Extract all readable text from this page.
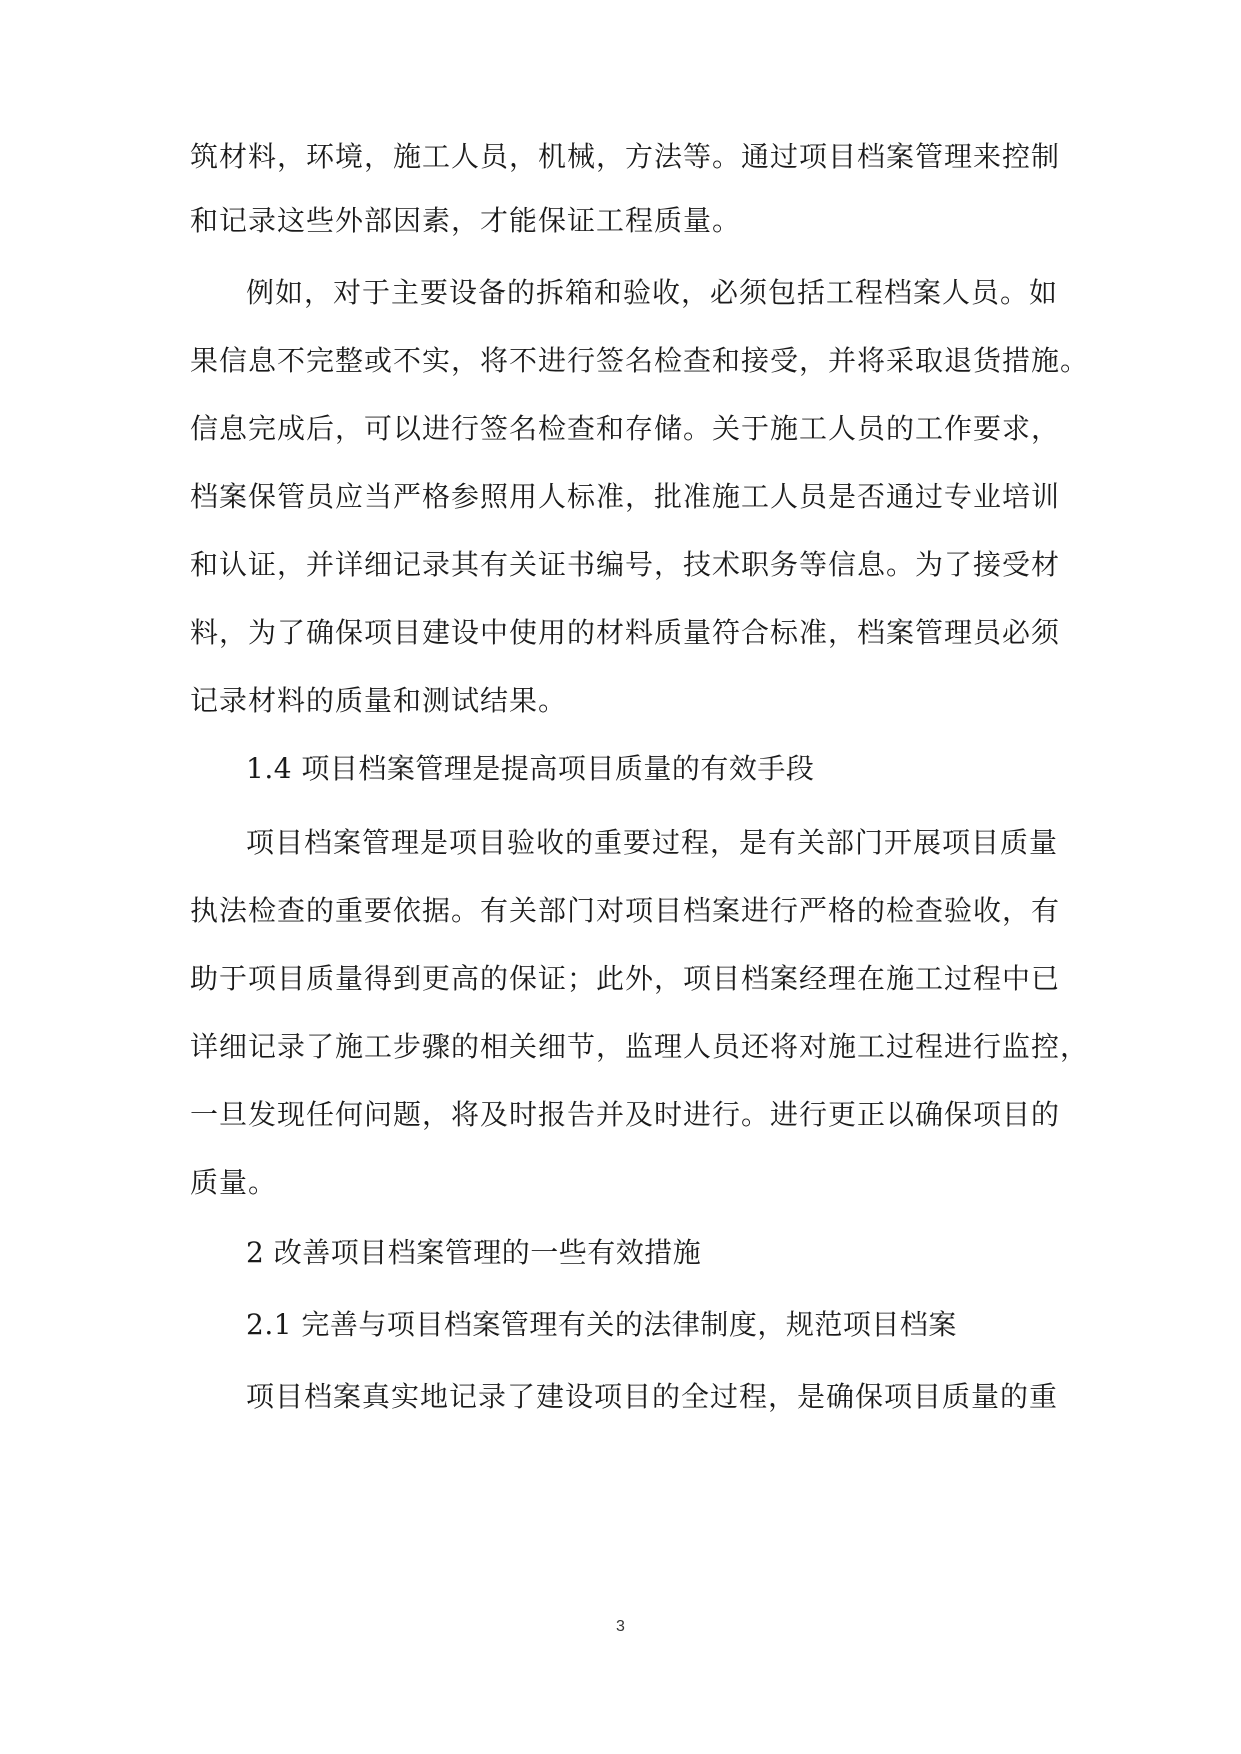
筑材料，环境，施工人员，机械，方法等。通过项目档案管理来控制
和记录这些外部因素，才能保证工程质量。
例如，对于主要设备的拆箱和验收，必须包括工程档案人员。如
果信息不完整或不实，将不进行签名检查和接受，并将采取退货措施。
信息完成后，可以进行签名检查和存储。关于施工人员的工作要求，
档案保管员应当严格参照用人标准，批准施工人员是否通过专业培训
和认证，并详细记录其有关证书编号，技术职务等信息。为了接受材
料，为了确保项目建设中使用的材料质量符合标准，档案管理员必须
记录材料的质量和测试结果。
1.4 项目档案管理是提高项目质量的有效手段
项目档案管理是项目验收的重要过程，是有关部门开展项目质量
执法检查的重要依据。有关部门对项目档案进行严格的检查验收，有
助于项目质量得到更高的保证；此外，项目档案经理在施工过程中已
详细记录了施工步骤的相关细节，监理人员还将对施工过程进行监控，
一旦发现任何问题，将及时报告并及时进行。进行更正以确保项目的
质量。
2 改善项目档案管理的一些有效措施
2.1 完善与项目档案管理有关的法律制度，规范项目档案
项目档案真实地记录了建设项目的全过程，是确保项目质量的重
3
